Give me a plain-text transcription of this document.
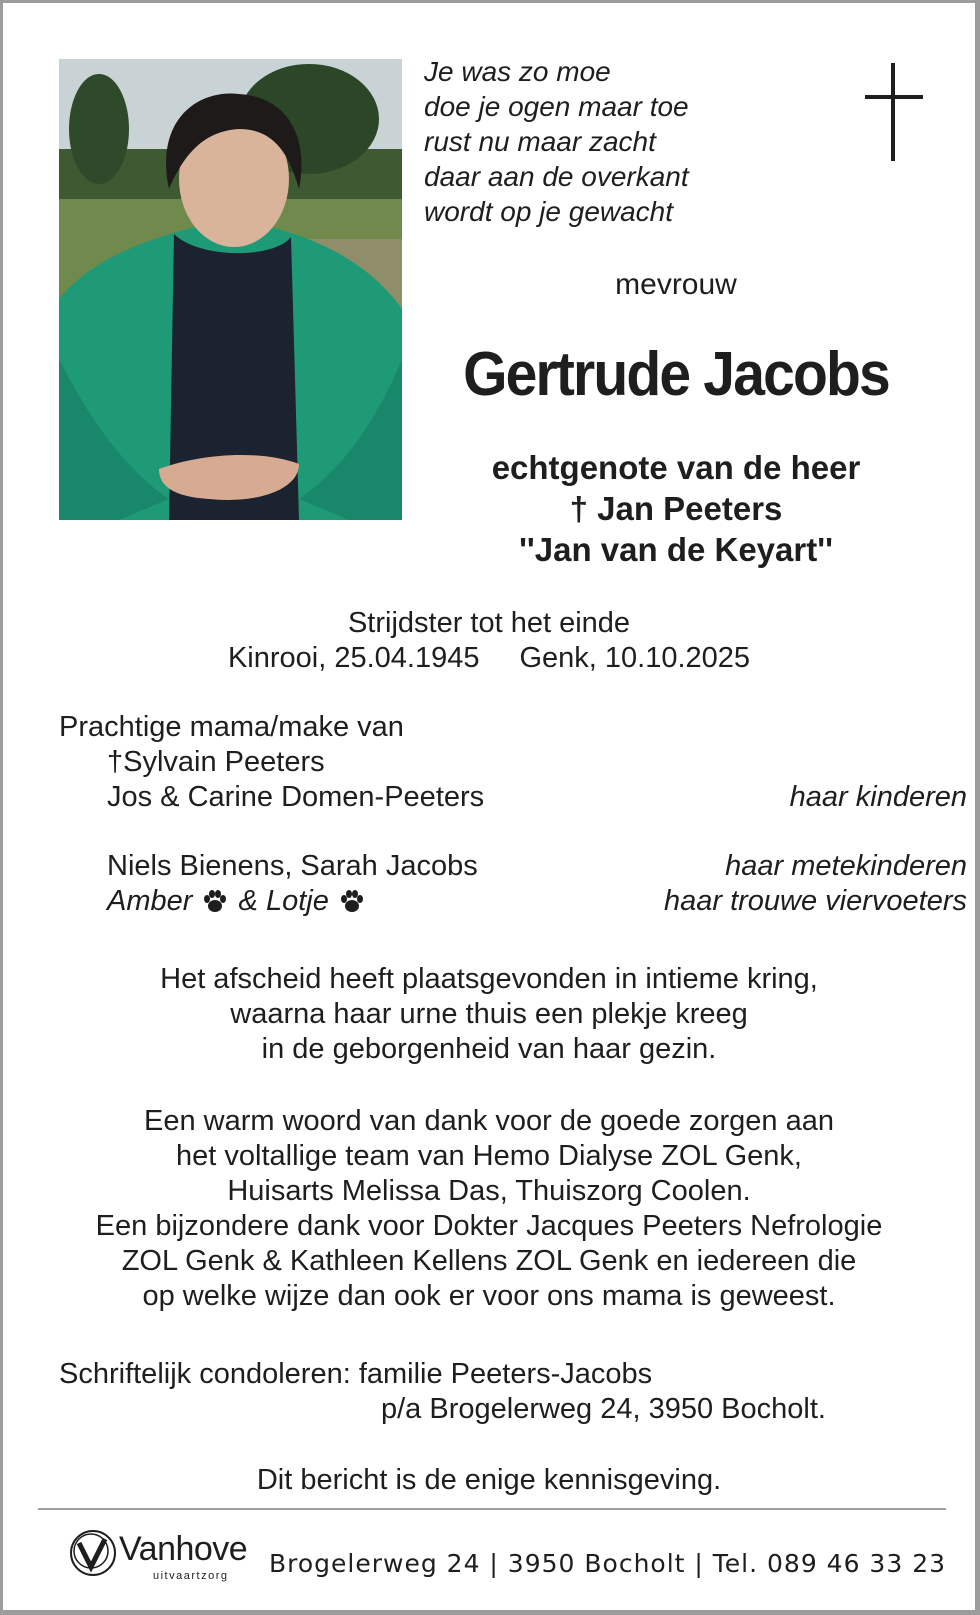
Je was zo moe
doe je ogen maar toe
rust nu maar zacht
daar aan de overkant
wordt op je gewacht
mevrouw
Gertrude Jacobs
echtgenote van de heer
† Jan Peeters
''Jan van de Keyart''
Strijdster tot het einde
Kinrooi, 25.04.1945 Genk, 10.10.2025
Prachtige mama/make van
†Sylvain Peeters
Jos & Carine Domen-Peeters	haar kinderen
Niels Bienens, Sarah Jacobs	haar metekinderen
Amber & Lotje	haar trouwe viervoeters
Het afscheid heeft plaatsgevonden in intieme kring,
waarna haar urne thuis een plekje kreeg
in de geborgenheid van haar gezin.
Een warm woord van dank voor de goede zorgen aan
het voltallige team van Hemo Dialyse ZOL Genk,
Huisarts Melissa Das, Thuiszorg Coolen.
Een bijzondere dank voor Dokter Jacques Peeters Nefrologie
ZOL Genk & Kathleen Kellens ZOL Genk en iedereen die
op welke wijze dan ook er voor ons mama is geweest.
Schriftelijk condoleren: familie Peeters-Jacobs
p/a Brogelerweg 24, 3950 Bocholt.
Dit bericht is de enige kennisgeving.
Vanhove
uitvaartzorg Brogelerweg 24 | 3950 Bocholt | Tel. 089 46 33 23
